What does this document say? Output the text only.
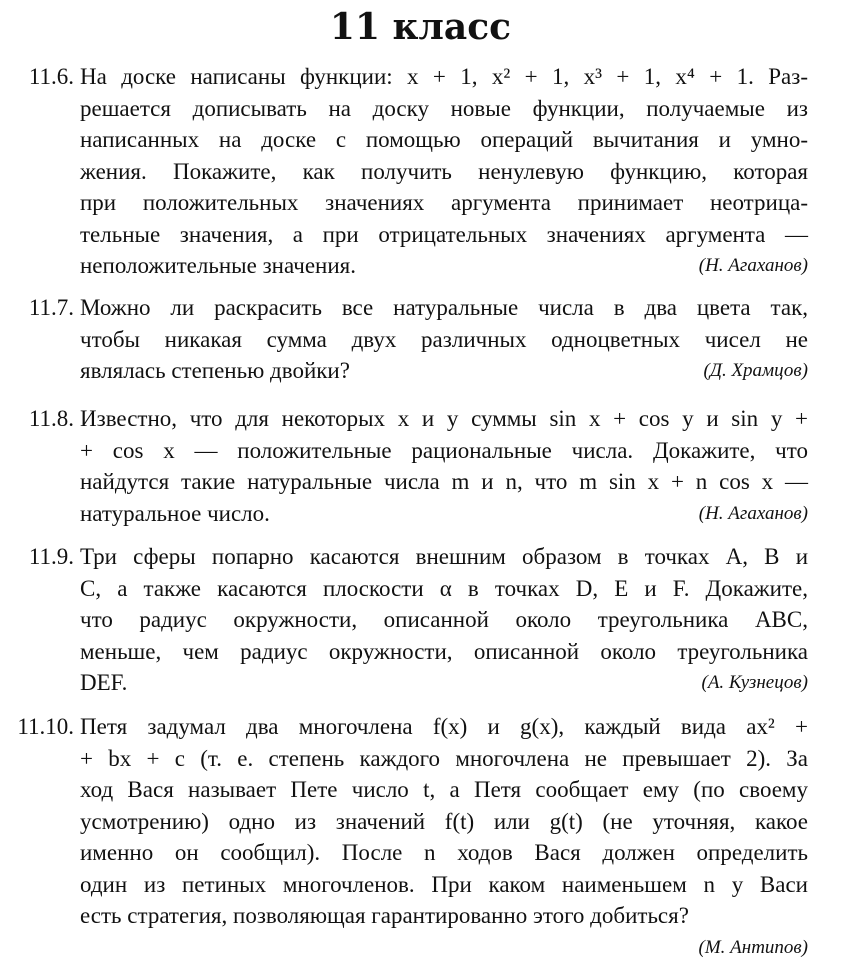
11 класс
11.6. На доске написаны функции: x + 1, x² + 1, x³ + 1, x⁴ + 1. Раз-
решается дописывать на доску новые функции, получаемые из
написанных на доске с помощью операций вычитания и умно-
жения. Покажите, как получить ненулевую функцию, которая
при положительных значениях аргумента принимает неотрица-
тельные значения, а при отрицательных значениях аргумента —
неположительные значения.	(Н. Агаханов)
11.7. Можно ли раскрасить все натуральные числа в два цвета так,
чтобы никакая сумма двух различных одноцветных чисел не
являлась степенью двойки?	(Д. Храмцов)
11.8. Известно, что для некоторых x и y суммы sin x + cos y и sin y +
+ cos x — положительные рациональные числа. Докажите, что
найдутся такие натуральные числа m и n, что m sin x + n cos x —
натуральное число.	(Н. Агаханов)
11.9. Три сферы попарно касаются внешним образом в точках A, B и
C, а также касаются плоскости α в точках D, E и F. Докажите,
что радиус окружности, описанной около треугольника ABC,
меньше, чем радиус окружности, описанной около треугольника
DEF.	(А. Кузнецов)
11.10. Петя задумал два многочлена f(x) и g(x), каждый вида ax² +
+ bx + c (т. е. степень каждого многочлена не превышает 2). За
ход Вася называет Пете число t, а Петя сообщает ему (по своему
усмотрению) одно из значений f(t) или g(t) (не уточняя, какое
именно он сообщил). После n ходов Вася должен определить
один из петиных многочленов. При каком наименьшем n у Васи
есть стратегия, позволяющая гарантированно этого добиться?
(М. Антипов)
